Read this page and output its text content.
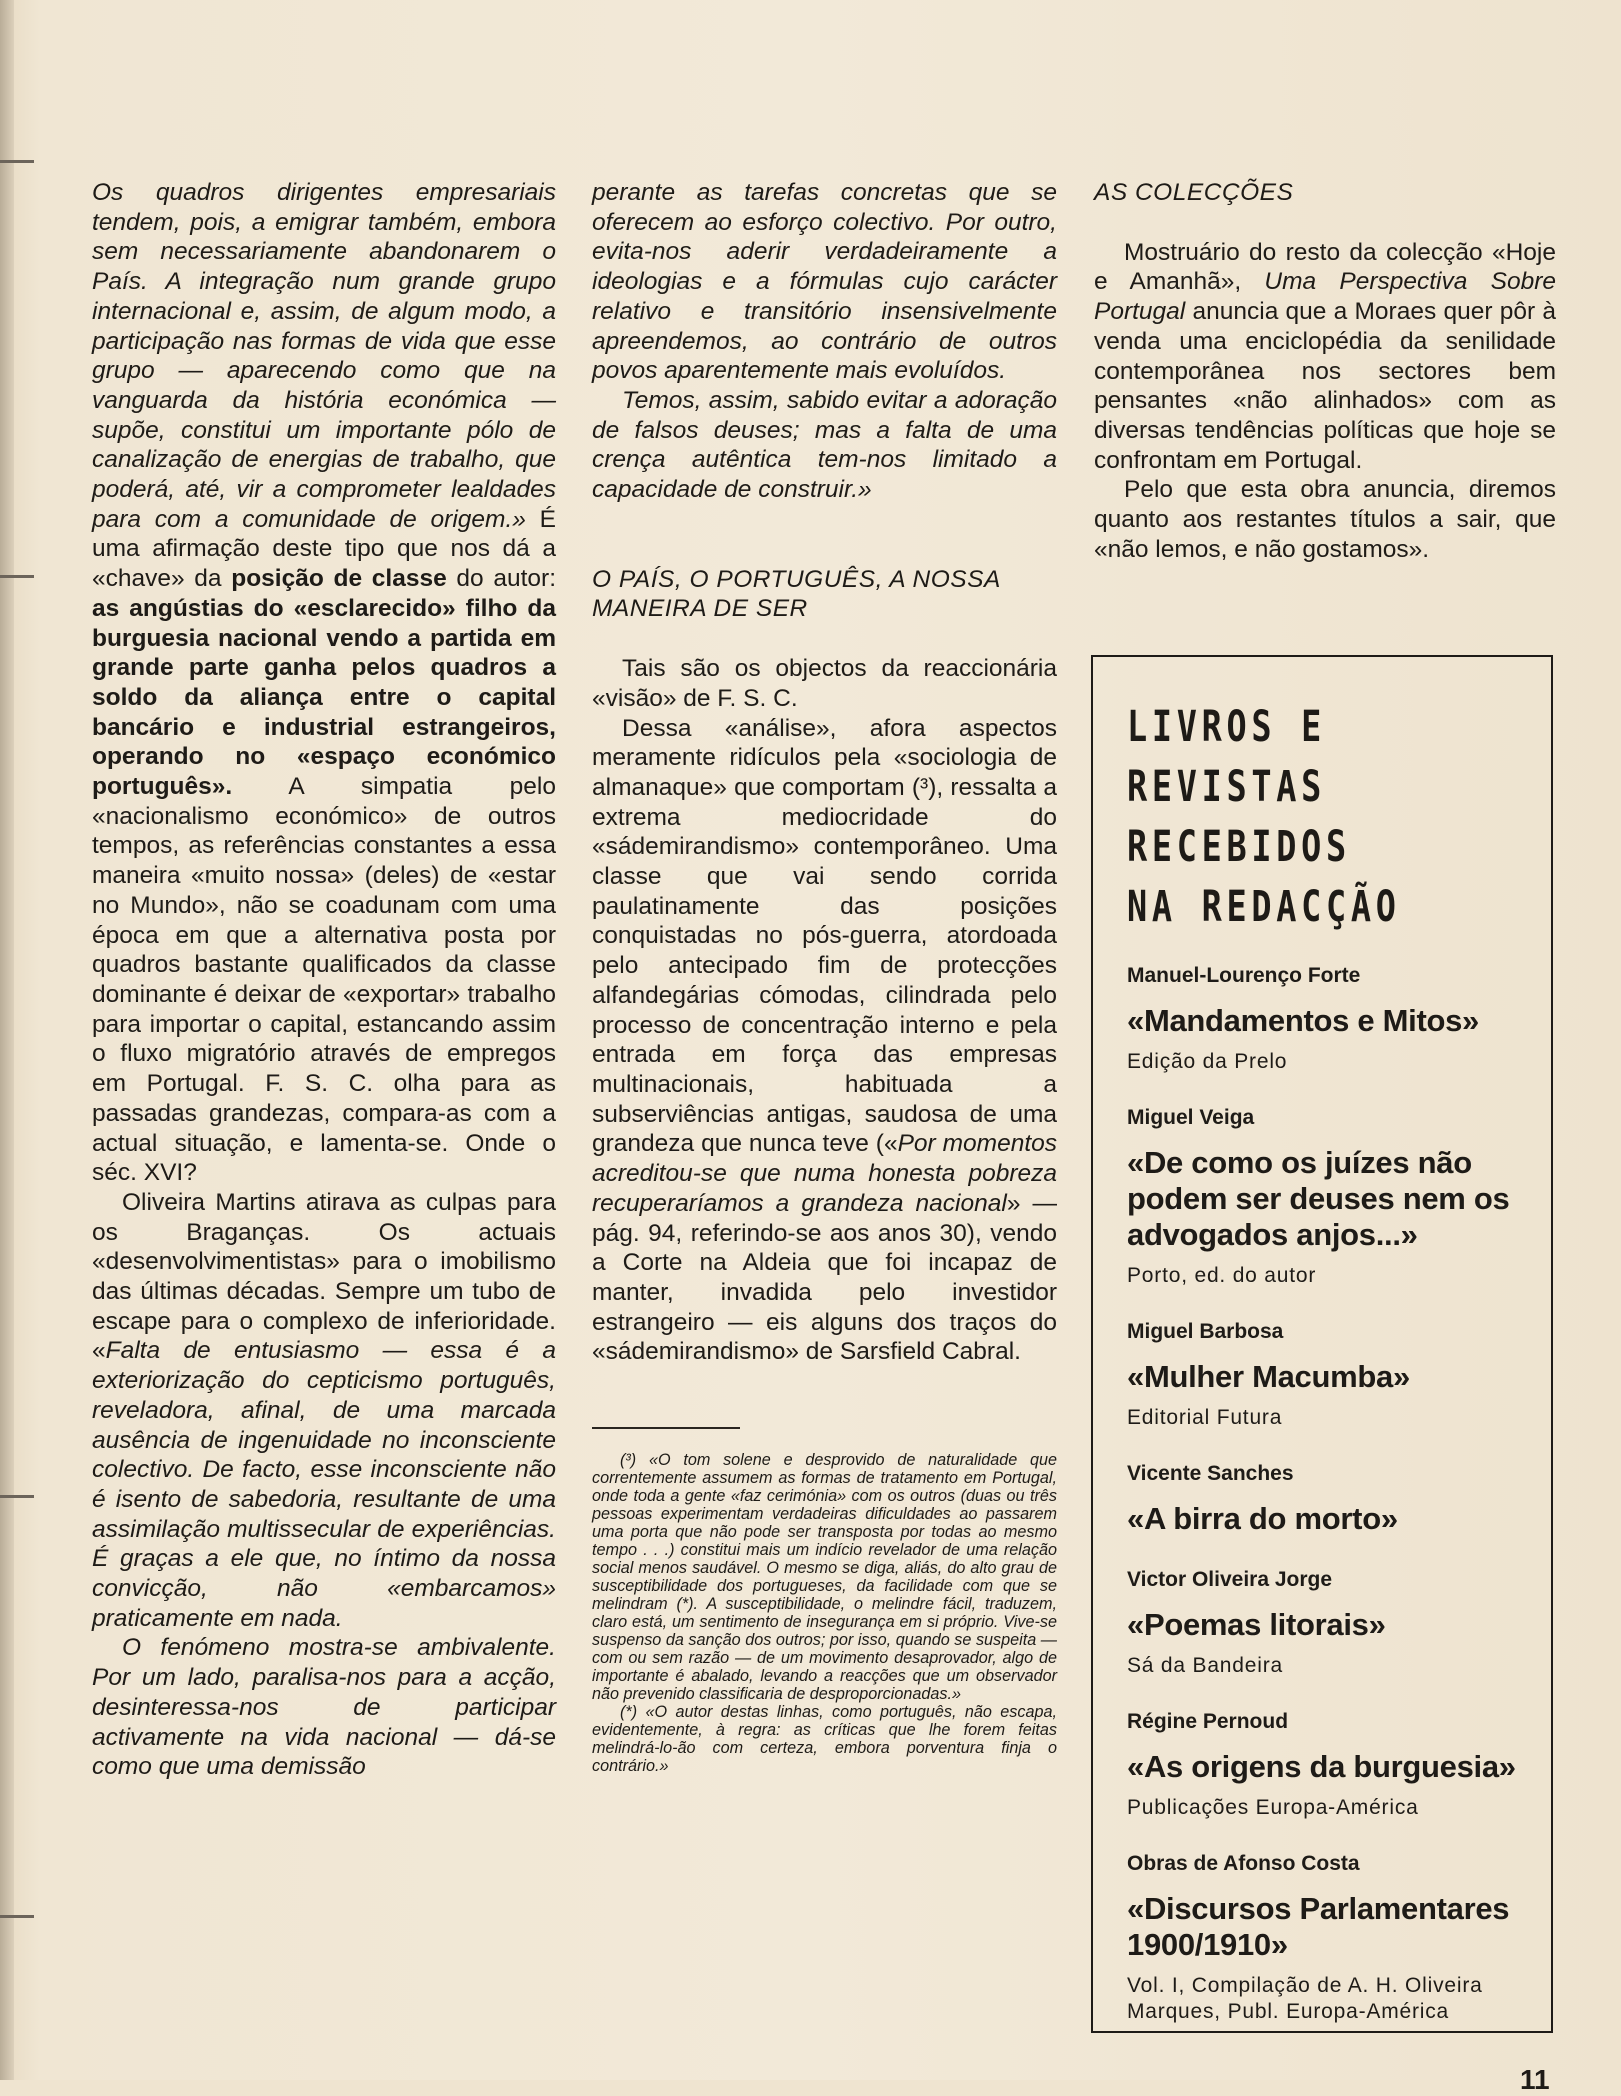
Os quadros dirigentes empresariais tendem, pois, a emigrar também, embora sem necessariamente abandonarem o País. A integração num grande grupo internacional e, assim, de algum modo, a participação nas formas de vida que esse grupo — aparecendo como que na vanguarda da história económica — supõe, constitui um importante pólo de canalização de energias de trabalho, que poderá, até, vir a comprometer lealdades para com a comunidade de origem.» É uma afirmação deste tipo que nos dá a «chave» da posição de classe do autor: as angústias do «esclarecido» filho da burguesia nacional vendo a partida em grande parte ganha pelos quadros a soldo da aliança entre o capital bancário e industrial estrangeiros, operando no «espaço económico português». A simpatia pelo «nacionalismo económico» de outros tempos, as referências constantes a essa maneira «muito nossa» (deles) de «estar no Mundo», não se coadunam com uma época em que a alternativa posta por quadros bastante qualificados da classe dominante é deixar de «exportar» trabalho para importar o capital, estancando assim o fluxo migratório através de empregos em Portugal. F. S. C. olha para as passadas grandezas, compara-as com a actual situação, e lamenta-se. Onde o séc. XVI?

Oliveira Martins atirava as culpas para os Braganças. Os actuais «desenvolvimentistas» para o imobilismo das últimas décadas. Sempre um tubo de escape para o complexo de inferioridade. «Falta de entusiasmo — essa é a exteriorização do cepticismo português, reveladora, afinal, de uma marcada ausência de ingenuidade no inconsciente colectivo. De facto, esse inconsciente não é isento de sabedoria, resultante de uma assimilação multissecular de experiências. É graças a ele que, no íntimo da nossa convicção, não «embarcamos» praticamente em nada.

O fenómeno mostra-se ambivalente. Por um lado, paralisa-nos para a acção, desinteressa-nos de participar activamente na vida nacional — dá-se como que uma demissão

perante as tarefas concretas que se oferecem ao esforço colectivo. Por outro, evita-nos aderir verdadeiramente a ideologias e a fórmulas cujo carácter relativo e transitório insensivelmente apreendemos, ao contrário de outros povos aparentemente mais evoluídos.

Temos, assim, sabido evitar a adoração de falsos deuses; mas a falta de uma crença autêntica tem-nos limitado a capacidade de construir.»

O PAÍS, O PORTUGUÊS, A NOSSA MANEIRA DE SER

Tais são os objectos da reaccionária «visão» de F. S. C.

Dessa «análise», afora aspectos meramente ridículos pela «sociologia de almanaque» que comportam (³), ressalta a extrema mediocridade do «sádemirandismo» contemporâneo. Uma classe que vai sendo corrida paulatinamente das posições conquistadas no pós-guerra, atordoada pelo antecipado fim de protecções alfandegárias cómodas, cilindrada pelo processo de concentração interno e pela entrada em força das empresas multinacionais, habituada a subserviências antigas, saudosa de uma grandeza que nunca teve («Por momentos acreditou-se que numa honesta pobreza recuperaríamos a grandeza nacional» — pág. 94, referindo-se aos anos 30), vendo a Corte na Aldeia que foi incapaz de manter, invadida pelo investidor estrangeiro — eis alguns dos traços do «sádemirandismo» de Sarsfield Cabral.

(³) «O tom solene e desprovido de naturalidade que correntemente assumem as formas de tratamento em Portugal, onde toda a gente «faz cerimónia» com os outros (duas ou três pessoas experimentam verdadeiras dificuldades ao passarem uma porta que não pode ser transposta por todas ao mesmo tempo . . .) constitui mais um indício revelador de uma relação social menos saudável. O mesmo se diga, aliás, do alto grau de susceptibilidade dos portugueses, da facilidade com que se melindram (*). A susceptibilidade, o melindre fácil, traduzem, claro está, um sentimento de insegurança em si próprio. Vive-se suspenso da sanção dos outros; por isso, quando se suspeita — com ou sem razão — de um movimento desaprovador, algo de importante é abalado, levando a reacções que um observador não prevenido classificaria de desproporcionadas.»

(*) «O autor destas linhas, como português, não escapa, evidentemente, à regra: as críticas que lhe forem feitas melindrá-lo-ão com certeza, embora porventura finja o contrário.»

AS COLECÇÕES

Mostruário do resto da colecção «Hoje e Amanhã», Uma Perspectiva Sobre Portugal anuncia que a Moraes quer pôr à venda uma enciclopédia da senilidade contemporânea nos sectores bem pensantes «não alinhados» com as diversas tendências políticas que hoje se confrontam em Portugal.

Pelo que esta obra anuncia, diremos quanto aos restantes títulos a sair, que «não lemos, e não gostamos».

LIVROS E REVISTAS
RECEBIDOS
NA REDACÇÃO
Manuel-Lourenço Forte
«Mandamentos e Mitos»
Edição da Prelo
Miguel Veiga
«De como os juízes não podem ser deuses nem os advogados anjos...»
Porto, ed. do autor
Miguel Barbosa
«Mulher Macumba»
Editorial Futura
Vicente Sanches
«A birra do morto»
Victor Oliveira Jorge
«Poemas litorais»
Sá da Bandeira
Régine Pernoud
«As origens da burguesia»
Publicações Europa-América
Obras de Afonso Costa
«Discursos Parlamentares 1900/1910»
Vol. I, Compilação de A. H. Oliveira Marques, Publ. Europa-América
11
